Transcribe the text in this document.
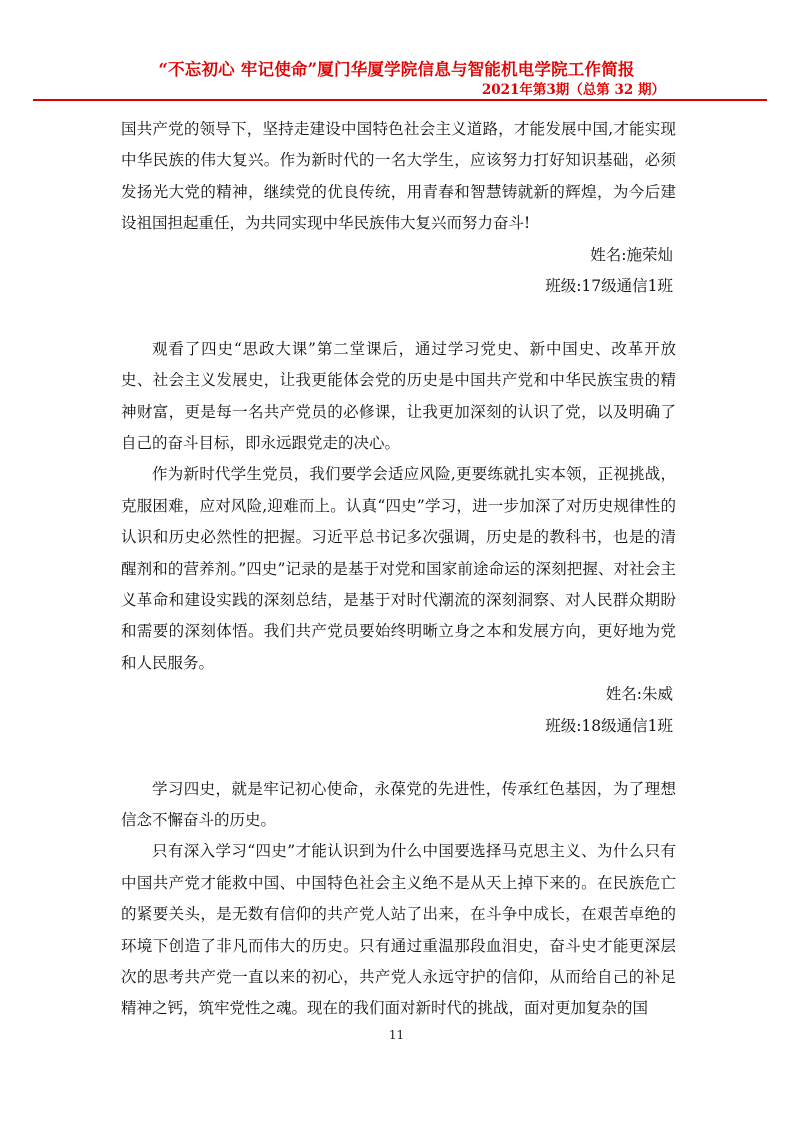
“不忘初心 牢记使命”厦门华厦学院信息与智能机电学院工作简报
2021年第3期（总第 32 期）

国共产党的领导下，坚持走建设中国特色社会主义道路，才能发展中国,才能实现中华民族的伟大复兴。作为新时代的一名大学生，应该努力打好知识基础，必须发扬光大党的精神，继续党的优良传统，用青春和智慧铸就新的辉煌，为今后建设祖国担起重任，为共同实现中华民族伟大复兴而努力奋斗!

姓名:施荣灿

班级:17级通信1班

观看了四史“思政大课”第二堂课后，通过学习党史、新中国史、改革开放史、社会主义发展史，让我更能体会党的历史是中国共产党和中华民族宝贵的精神财富，更是每一名共产党员的必修课，让我更加深刻的认识了党，以及明确了自己的奋斗目标，即永远跟党走的决心。

作为新时代学生党员，我们要学会适应风险,更要练就扎实本领，正视挑战，克服困难，应对风险,迎难而上。认真“四史”学习，进一步加深了对历史规律性的认识和历史必然性的把握。习近平总书记多次强调，历史是的教科书，也是的清醒剂和的营养剂。”四史”记录的是基于对党和国家前途命运的深刻把握、对社会主义革命和建设实践的深刻总结，是基于对时代潮流的深刻洞察、对人民群众期盼和需要的深刻体悟。我们共产党员要始终明晰立身之本和发展方向，更好地为党和人民服务。

姓名:朱威

班级:18级通信1班

学习四史，就是牢记初心使命，永葆党的先进性，传承红色基因，为了理想信念不懈奋斗的历史。

只有深入学习“四史”才能认识到为什么中国要选择马克思主义、为什么只有中国共产党才能救中国、中国特色社会主义绝不是从天上掉下来的。在民族危亡的紧要关头，是无数有信仰的共产党人站了出来，在斗争中成长，在艰苦卓绝的环境下创造了非凡而伟大的历史。只有通过重温那段血泪史，奋斗史才能更深层次的思考共产党一直以来的初心，共产党人永远守护的信仰，从而给自己的补足精神之钙，筑牢党性之魂。现在的我们面对新时代的挑战，面对更加复杂的国

11
